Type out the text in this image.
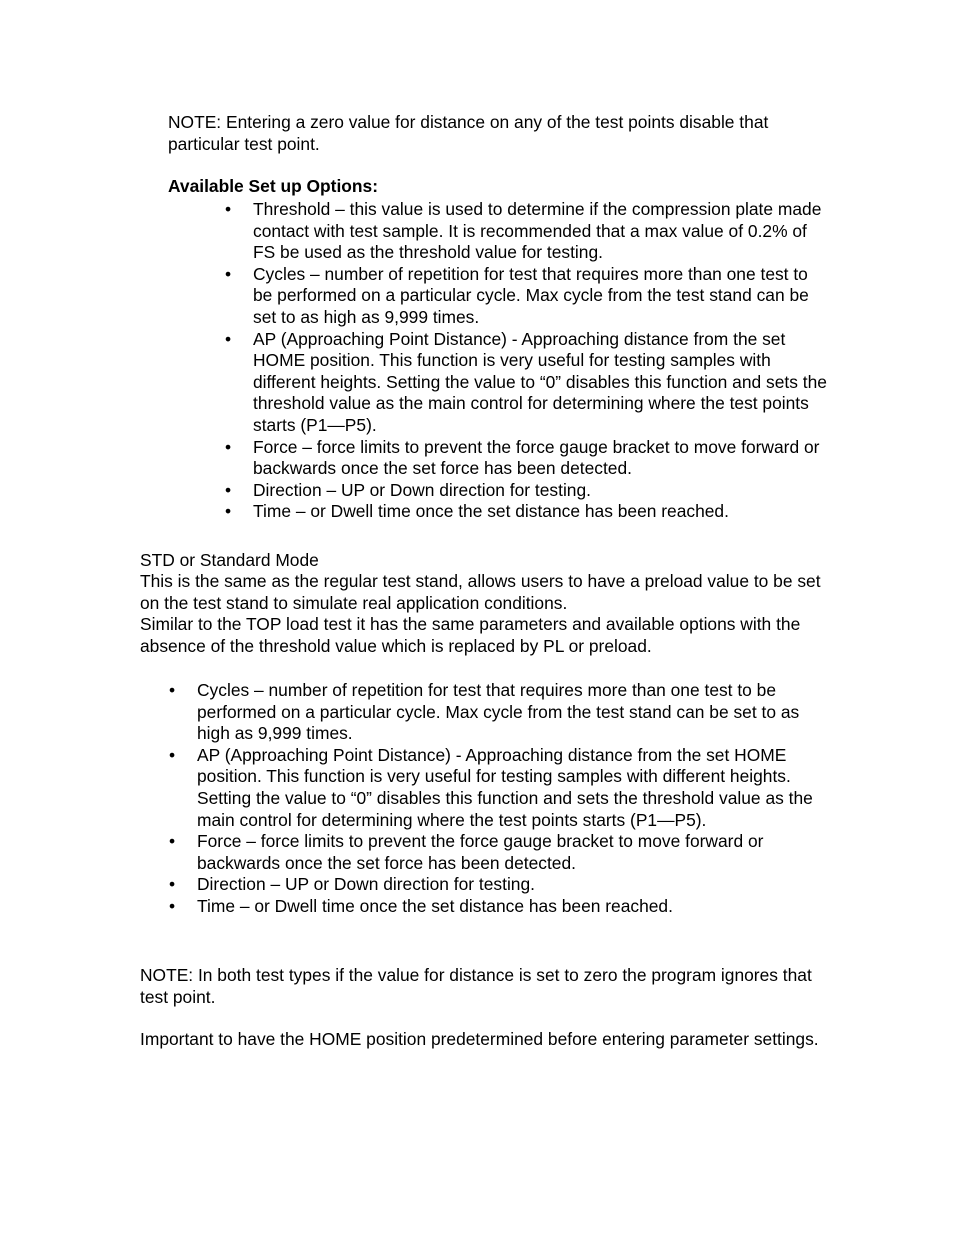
NOTE: Entering a zero value for distance on any of the test points disable that particular test point.

Available Set up Options:

• Threshold – this value is used to determine if the compression plate made contact with test sample. It is recommended that a max value of 0.2% of FS be used as the threshold value for testing.
• Cycles – number of repetition for test that requires more than one test to be performed on a particular cycle. Max cycle from the test stand can be set to as high as 9,999 times.
• AP (Approaching Point Distance) - Approaching distance from the set HOME position. This function is very useful for testing samples with different heights. Setting the value to “0” disables this function and sets the threshold value as the main control for determining where the test points starts (P1—P5).
• Force – force limits to prevent the force gauge bracket to move forward or backwards once the set force has been detected.
• Direction – UP or Down direction for testing.
• Time – or Dwell time once the set distance has been reached.

STD or Standard Mode

This is the same as the regular test stand, allows users to have a preload value to be set on the test stand to simulate real application conditions.

Similar to the TOP load test it has the same parameters and available options with the absence of the threshold value which is replaced by PL or preload.

• Cycles – number of repetition for test that requires more than one test to be performed on a particular cycle. Max cycle from the test stand can be set to as high as 9,999 times.
• AP (Approaching Point Distance) - Approaching distance from the set HOME position. This function is very useful for testing samples with different heights. Setting the value to “0” disables this function and sets the threshold value as the main control for determining where the test points starts (P1—P5).
• Force – force limits to prevent the force gauge bracket to move forward or backwards once the set force has been detected.
• Direction – UP or Down direction for testing.
• Time – or Dwell time once the set distance has been reached.

NOTE: In both test types if the value for distance is set to zero the program ignores that test point.

Important to have the HOME position predetermined before entering parameter settings.
